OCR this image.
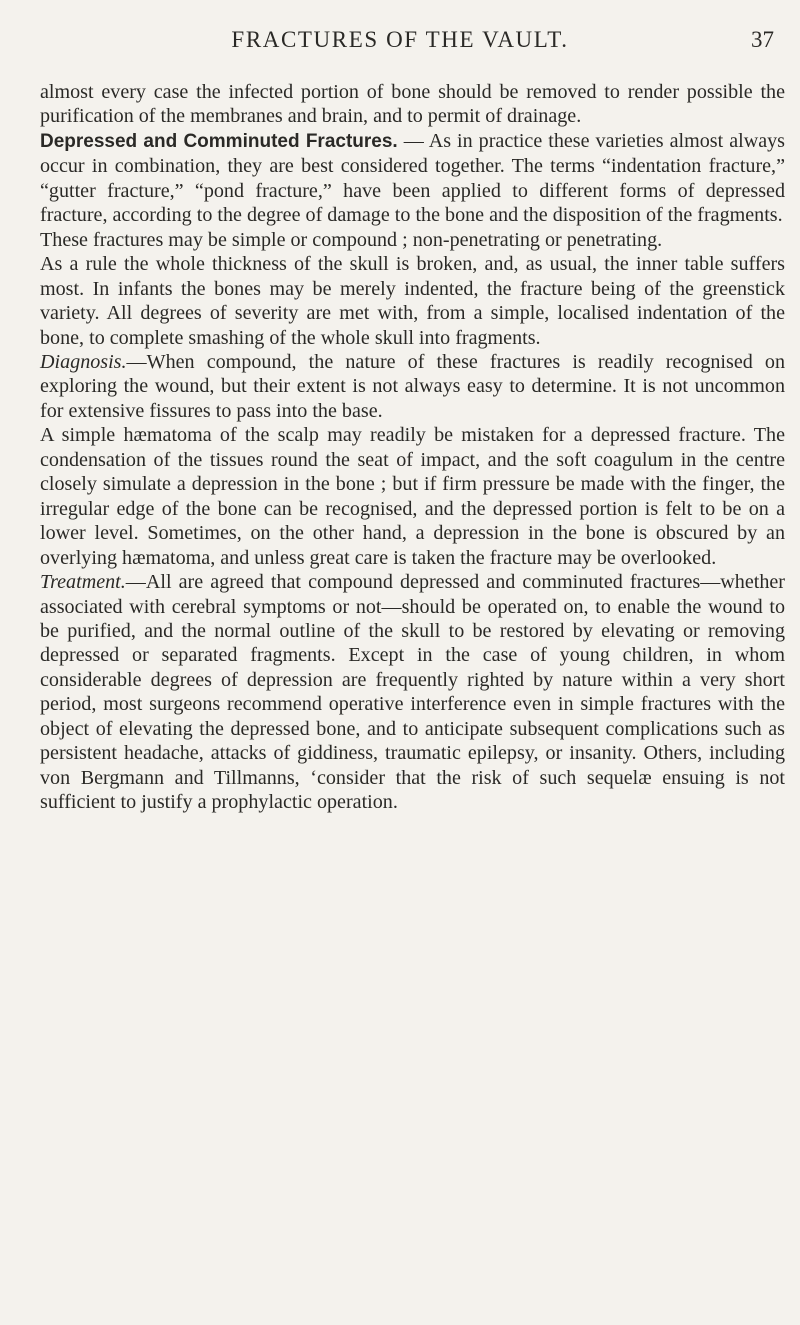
FRACTURES OF THE VAULT.	37

almost every case the infected portion of bone should be removed to render possible the purification of the membranes and brain, and to permit of drainage.

Depressed and Comminuted Fractures. — As in practice these varieties almost always occur in combination, they are best considered together. The terms “indentation fracture,” “gutter fracture,” “pond fracture,” have been applied to different forms of depressed fracture, according to the degree of damage to the bone and the disposition of the fragments.

These fractures may be simple or compound ; non-penetrating or penetrating.

As a rule the whole thickness of the skull is broken, and, as usual, the inner table suffers most. In infants the bones may be merely indented, the fracture being of the greenstick variety. All degrees of severity are met with, from a simple, localised indentation of the bone, to complete smashing of the whole skull into fragments.

Diagnosis.—When compound, the nature of these fractures is readily recognised on exploring the wound, but their extent is not always easy to determine. It is not uncommon for extensive fissures to pass into the base.

A simple hæmatoma of the scalp may readily be mistaken for a depressed fracture. The condensation of the tissues round the seat of impact, and the soft coagulum in the centre closely simulate a depression in the bone ; but if firm pressure be made with the finger, the irregular edge of the bone can be recognised, and the depressed portion is felt to be on a lower level. Sometimes, on the other hand, a depression in the bone is obscured by an overlying hæmatoma, and unless great care is taken the fracture may be overlooked.

Treatment.—All are agreed that compound depressed and comminuted fractures—whether associated with cerebral symptoms or not—should be operated on, to enable the wound to be purified, and the normal outline of the skull to be restored by elevating or removing depressed or separated fragments. Except in the case of young children, in whom considerable degrees of depression are frequently righted by nature within a very short period, most surgeons recommend operative interference even in simple fractures with the object of elevating the depressed bone, and to anticipate subsequent complications such as persistent headache, attacks of giddiness, traumatic epilepsy, or insanity. Others, including von Bergmann and Tillmanns, ‘consider that the risk of such sequelæ ensuing is not sufficient to justify a prophylactic operation.
